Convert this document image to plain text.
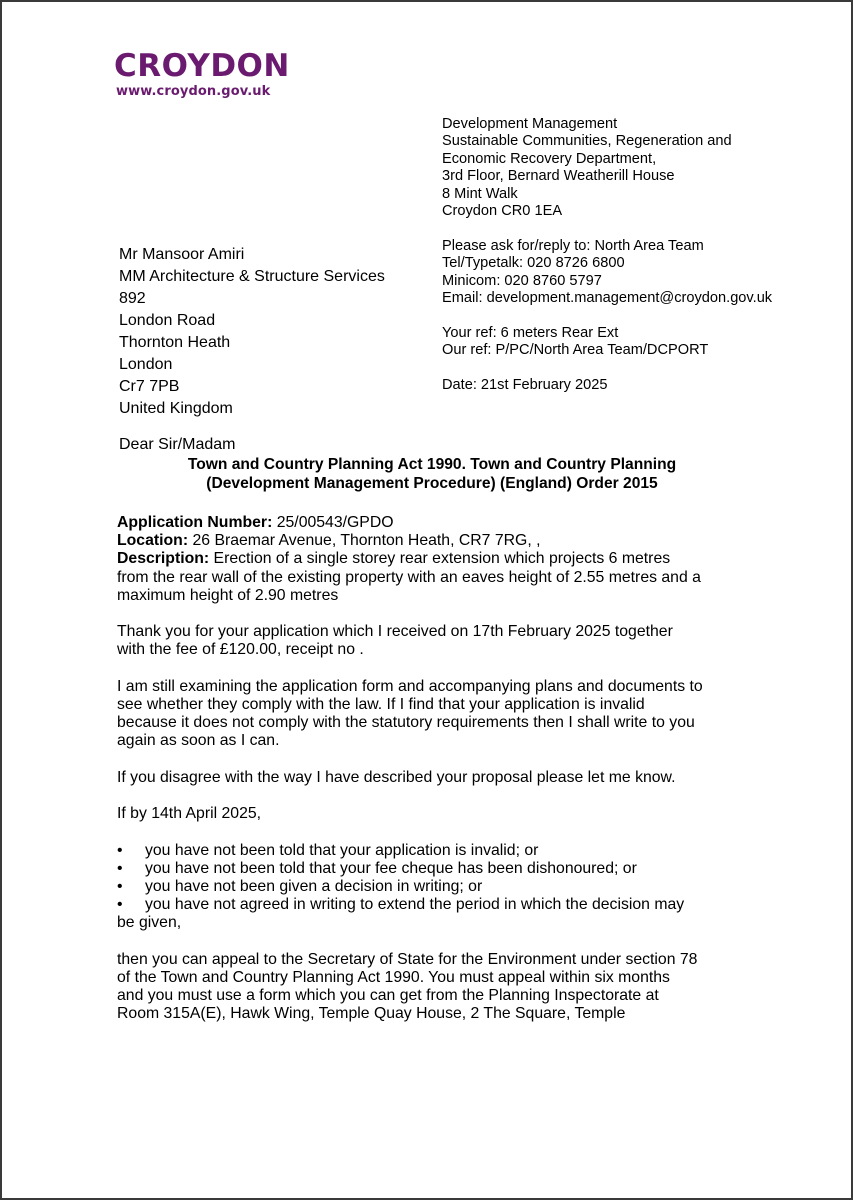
CROYDON
www.croydon.gov.uk
Development Management
Sustainable Communities, Regeneration and
Economic Recovery Department,
3rd Floor, Bernard Weatherill House
8 Mint Walk
Croydon CR0 1EA
Please ask for/reply to: North Area Team
Tel/Typetalk: 020 8726 6800
Minicom: 020 8760 5797
Email: development.management@croydon.gov.uk
Your ref: 6 meters Rear Ext
Our ref: P/PC/North Area Team/DCPORT
Date: 21st February 2025
Mr Mansoor Amiri
MM Architecture & Structure Services
892
London Road
Thornton Heath
London
Cr7 7PB
United Kingdom
Dear Sir/Madam
Town and Country Planning Act 1990. Town and Country Planning
(Development Management Procedure) (England) Order 2015

Application Number: 25/00543/GPDO
Location: 26 Braemar Avenue, Thornton Heath, CR7 7RG, ,
Description: Erection of a single storey rear extension which projects 6 metres
from the rear wall of the existing property with an eaves height of 2.55 metres and a
maximum height of 2.90 metres

Thank you for your application which I received on 17th February 2025 together
with the fee of £120.00, receipt no .

I am still examining the application form and accompanying plans and documents to
see whether they comply with the law. If I find that your application is invalid
because it does not comply with the statutory requirements then I shall write to you
again as soon as I can.

If you disagree with the way I have described your proposal please let me know.

If by 14th April 2025,

• you have not been told that your application is invalid; or
• you have not been told that your fee cheque has been dishonoured; or
• you have not been given a decision in writing; or
• you have not agreed in writing to extend the period in which the decision may
be given,

then you can appeal to the Secretary of State for the Environment under section 78
of the Town and Country Planning Act 1990. You must appeal within six months
and you must use a form which you can get from the Planning Inspectorate at
Room 315A(E), Hawk Wing, Temple Quay House, 2 The Square, Temple
